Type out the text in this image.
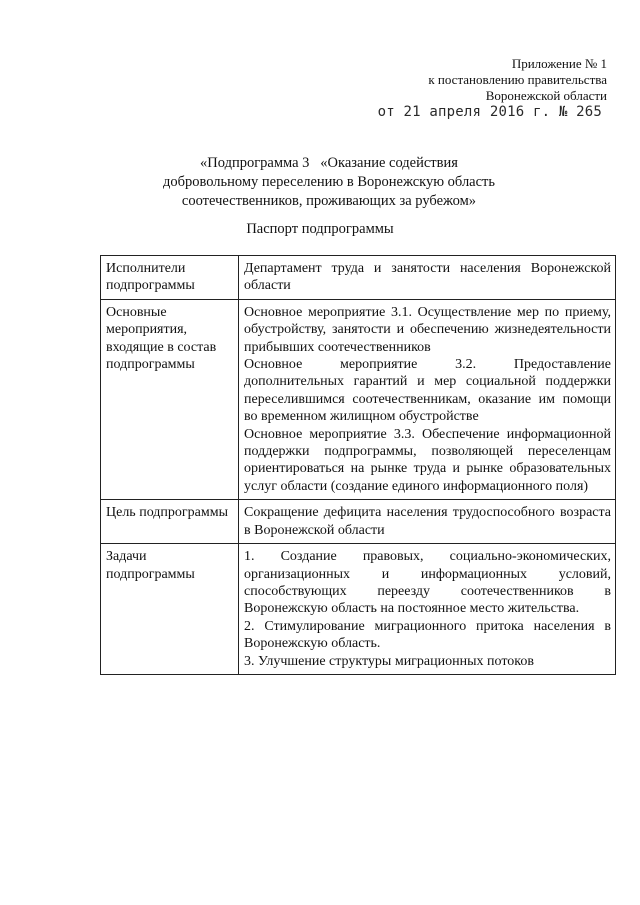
Приложение № 1
к постановлению правительства
Воронежской области
от 21 апреля 2016 г. № 265
«Подпрограмма 3   «Оказание содействия
добровольному переселению в Воронежскую область
соотечественников, проживающих за рубежом»
Паспорт подпрограммы
Исполнители подпрограммы	Департамент труда и занятости населения Воронежской области
Основные мероприятия, входящие в состав подпрограммы	Основное мероприятие 3.1. Осуществление мер по приему, обустройству, занятости и обеспечению жизнедеятельности прибывших соотечественников
Основное мероприятие 3.2. Предоставление дополнительных гарантий и мер социальной поддержки переселившимся соотечественникам, оказание им помощи во временном жилищном обустройстве
Основное мероприятие 3.3. Обеспечение информационной поддержки подпрограммы, позволяющей переселенцам ориентироваться на рынке труда и рынке образовательных услуг области (создание единого информационного поля)

Цель подпрограммы	Сокращение дефицита населения трудоспособного возраста в Воронежской области
Задачи подпрограммы	1. Создание правовых, социально-экономических, организационных и информационных условий, способствующих переезду соотечественников в Воронежскую область на постоянное место жительства.
2. Стимулирование миграционного притока населения в Воронежскую область.
3. Улучшение структуры миграционных потоков
